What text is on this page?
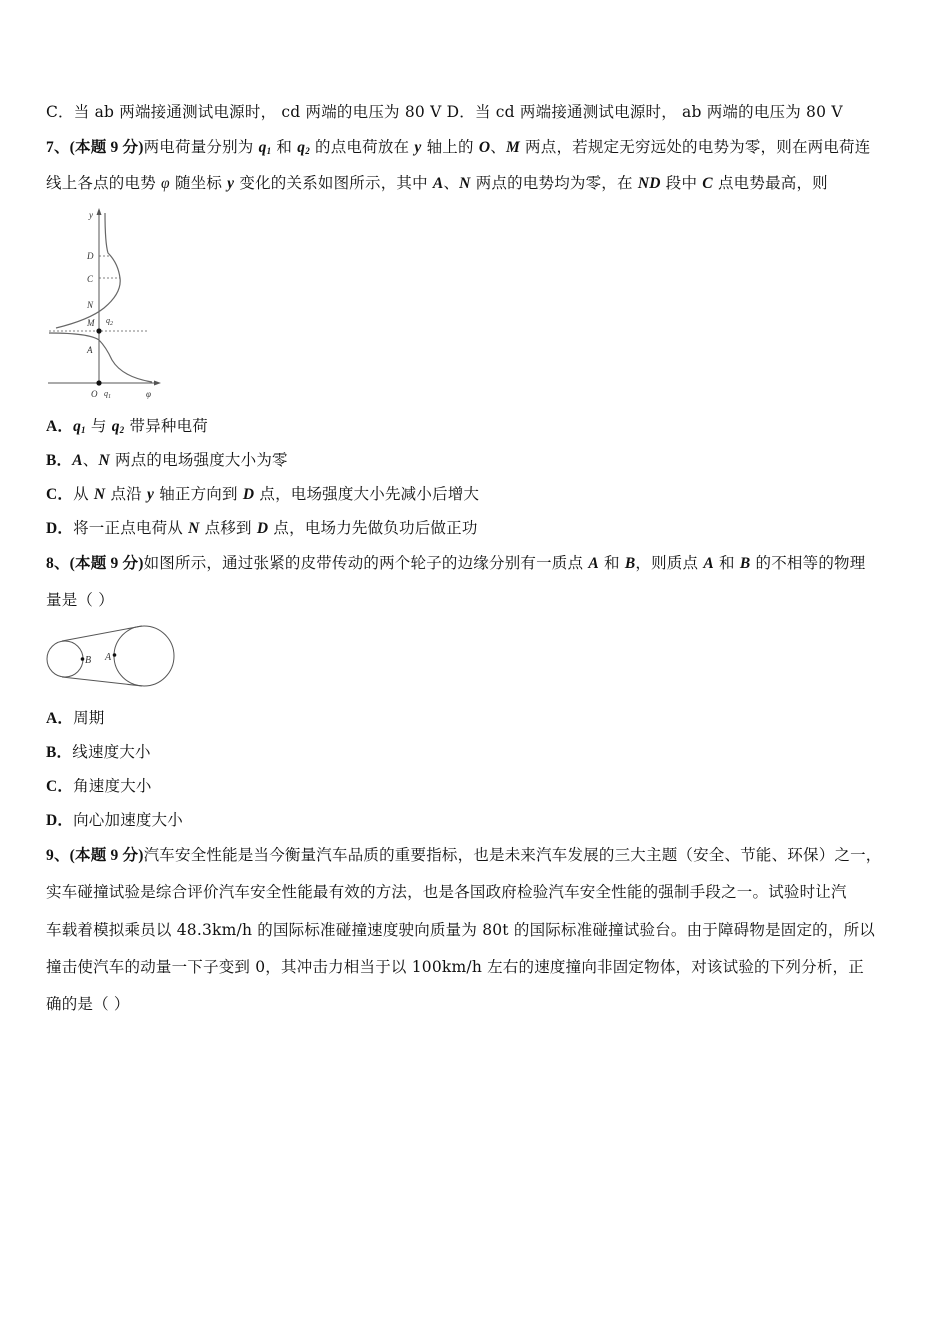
C．当 ab 两端接通测试电源时， cd 两端的电压为 80 V D．当 cd 两端接通测试电源时， ab 两端的电压为 80 V
7、(本题 9 分)两电荷量分别为 $q_1$ 和 $q_2$ 的点电荷放在 y 轴上的 O、M 两点，若规定无穷远处的电势为零，则在两电荷连
线上各点的电势 φ 随坐标 y 变化的关系如图所示，其中 A、N 两点的电势均为零，在 ND 段中 C 点电势最高，则
y
D
C
N
M $q_2$
A
O $q_1$	φ
A．$q_1$ 与 $q_2$ 带异种电荷
B．A、N 两点的电场强度大小为零
C．从 N 点沿 y 轴正方向到 D 点，电场强度大小先减小后增大
D．将一正点电荷从 N 点移到 D 点，电场力先做负功后做正功
8、(本题 9 分)如图所示，通过张紧的皮带传动的两个轮子的边缘分别有一质点 A 和 B，则质点 A 和 B 的不相等的物理
量是（ ）
B A
A．周期
B．线速度大小
C．角速度大小
D．向心加速度大小
9、(本题 9 分)汽车安全性能是当今衡量汽车品质的重要指标，也是未来汽车发展的三大主题（安全、节能、环保）之一，
实车碰撞试验是综合评价汽车安全性能最有效的方法，也是各国政府检验汽车安全性能的强制手段之一。试验时让汽
车载着模拟乘员以 48.3km/h 的国际标准碰撞速度驶向质量为 80t 的国际标准碰撞试验台。由于障碍物是固定的，所以
撞击使汽车的动量一下子变到 0，其冲击力相当于以 100km/h 左右的速度撞向非固定物体，对该试验的下列分析，正
确的是（ ）
